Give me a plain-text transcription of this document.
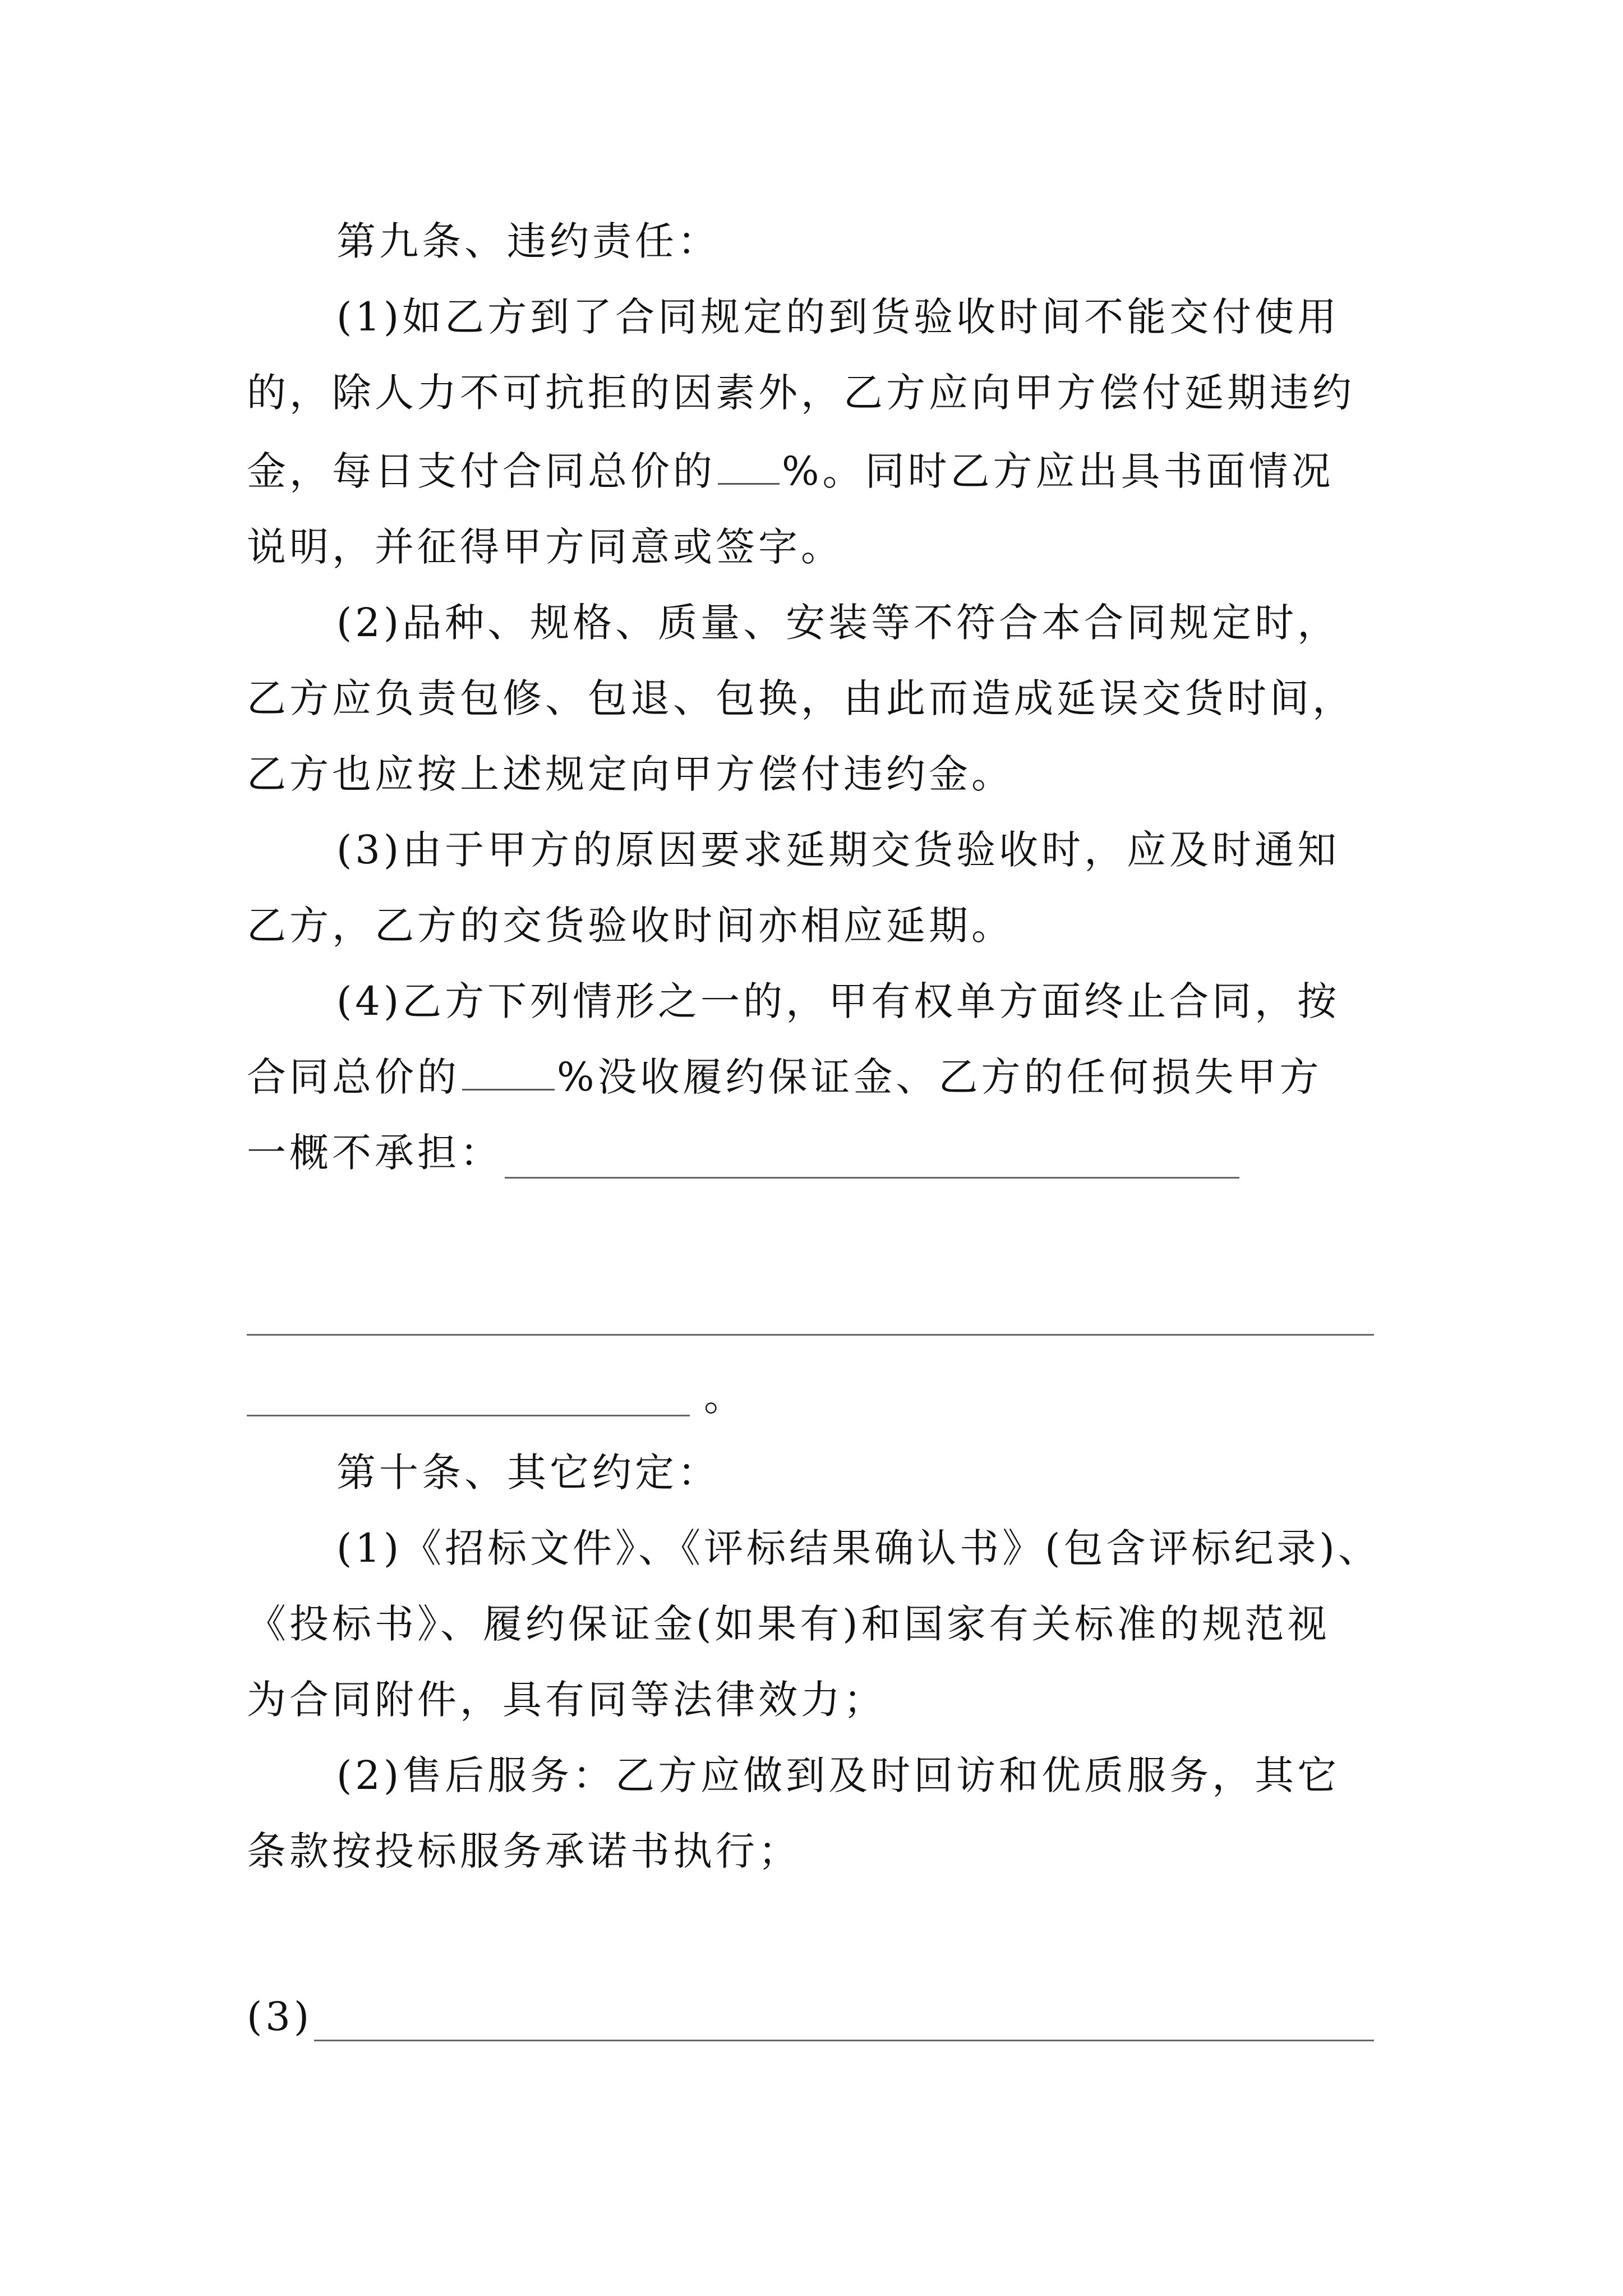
第九条、违约责任：
(1)如乙方到了合同规定的到货验收时间不能交付使用
的，除人力不可抗拒的因素外，乙方应向甲方偿付延期违约
金，每日支付合同总价的 %。同时乙方应出具书面情况
说明，并征得甲方同意或签字。
(2)品种、规格、质量、安装等不符合本合同规定时，
乙方应负责包修、包退、包换，由此而造成延误交货时间，
乙方也应按上述规定向甲方偿付违约金。
(3)由于甲方的原因要求延期交货验收时，应及时通知
乙方，乙方的交货验收时间亦相应延期。
(4)乙方下列情形之一的，甲有权单方面终止合同，按
合同总价的 %没收履约保证金、乙方的任何损失甲方
一概不承担：
。
第十条、其它约定：
(1)《招标文件》、《评标结果确认书》(包含评标纪录)、
《投标书》、履约保证金(如果有)和国家有关标准的规范视
为合同附件，具有同等法律效力；
(2)售后服务：乙方应做到及时回访和优质服务，其它
条款按投标服务承诺书执行；
(3)
